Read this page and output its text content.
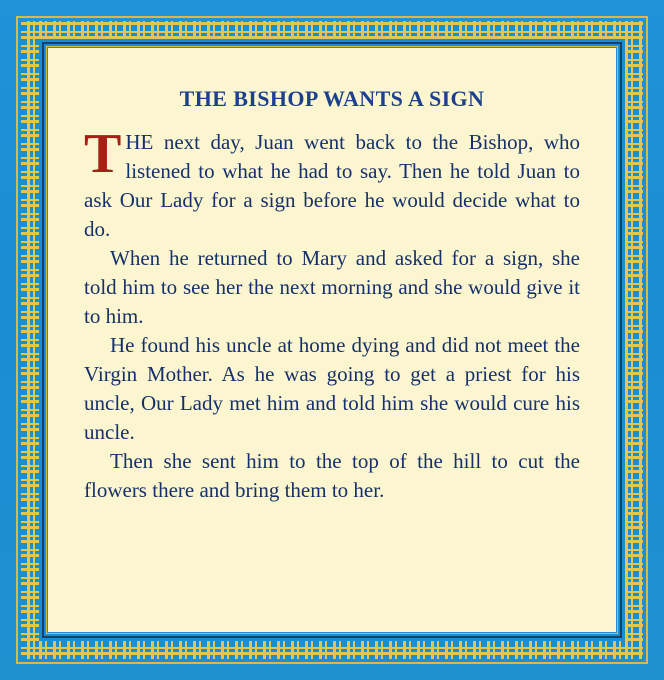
THE BISHOP WANTS A SIGN

THE next day, Juan went back to the Bishop, who listened to what he had to say. Then he told Juan to ask Our Lady for a sign before he would decide what to do.

When he returned to Mary and asked for a sign, she told him to see her the next morning and she would give it to him.

He found his uncle at home dying and did not meet the Virgin Mother. As he was going to get a priest for his uncle, Our Lady met him and told him she would cure his uncle.

Then she sent him to the top of the hill to cut the flowers there and bring them to her.
